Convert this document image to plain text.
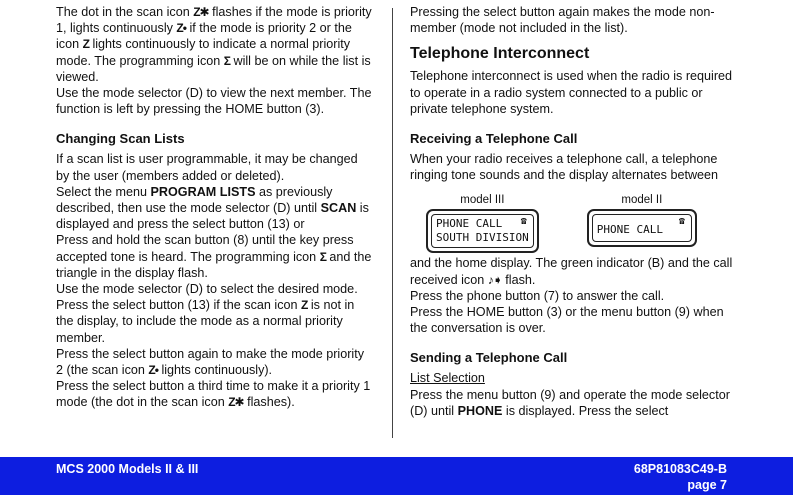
The dot in the scan icon Z✱ flashes if the mode is priority 1, lights continuously Z• if the mode is priority 2 or the icon Z lights continuously to indicate a normal priority mode. The programming icon Ʃ will be on while the list is viewed.

Use the mode selector (D) to view the next member. The function is left by pressing the HOME button (3).

Changing Scan Lists

If a scan list is user programmable, it may be changed by the user (members added or deleted).

Select the menu PROGRAM LISTS as previously described, then use the mode selector (D) until SCAN is displayed and press the select button (13) or

Press and hold the scan button (8) until the key press accepted tone is heard. The programming icon Ʃ and the triangle in the display flash.

Use the mode selector (D) to select the desired mode.

Press the select button (13) if the scan icon Z is not in the display, to include the mode as a normal priority member.

Press the select button again to make the mode priority 2 (the scan icon Z• lights continuously).

Press the select button a third time to make it a priority 1 mode (the dot in the scan icon Z✱ flashes).

Pressing the select button again makes the mode non-member (mode not included in the list).

Telephone Interconnect

Telephone interconnect is used when the radio is required to operate in a radio system connected to a public or private telephone system.

Receiving a Telephone Call

When your radio receives a telephone call, a telephone ringing tone sounds and the display alternates between

model III
☎
PHONE CALL
SOUTH DIVISION
model II
☎
PHONE CALL

and the home display. The green indicator (B) and the call received icon ♪➧ flash.

Press the phone button (7) to answer the call.

Press the HOME button (3) or the menu button (9) when the conversation is over.

Sending a Telephone Call

List Selection

Press the menu button (9) and operate the mode selector (D) until PHONE is displayed. Press the select

MCS 2000 Models II & III	68P81083C49-B
page 7
